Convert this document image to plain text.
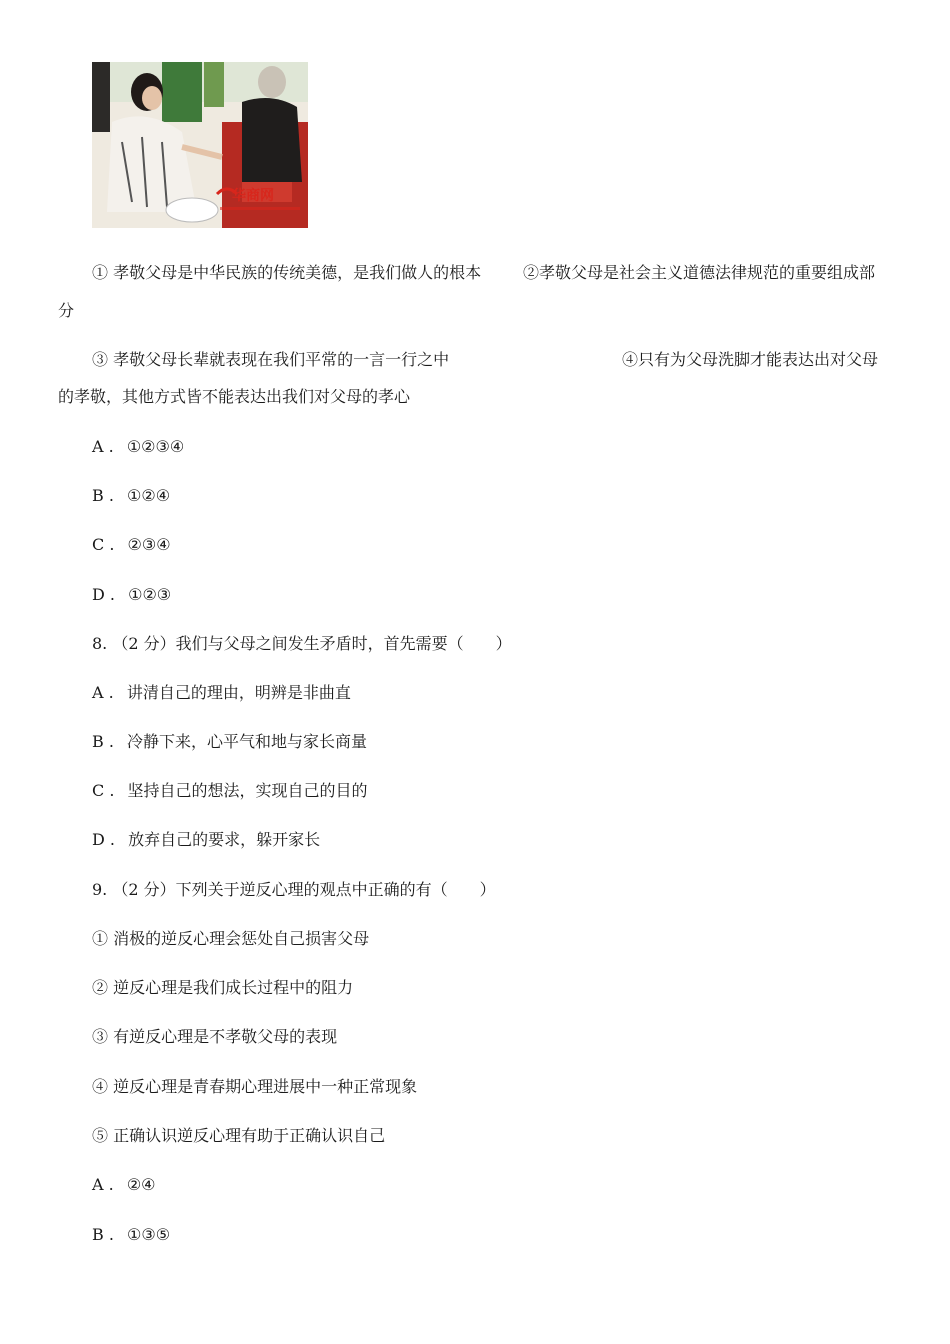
华商网
① 孝敬父母是中华民族的传统美德，是我们做人的根本	②孝敬父母是社会主义道德法律规范的重要组成部
分
③ 孝敬父母长辈就表现在我们平常的一言一行之中	④只有为父母洗脚才能表达出对父母
的孝敬，其他方式皆不能表达出我们对父母的孝心
A . ①②③④
B . ①②④
C . ②③④
D . ①②③
8. （2 分）我们与父母之间发生矛盾时，首先需要（　　）
A . 讲清自己的理由，明辨是非曲直
B . 冷静下来，心平气和地与家长商量
C . 坚持自己的想法，实现自己的目的
D . 放弃自己的要求，躲开家长
9. （2 分）下列关于逆反心理的观点中正确的有（　　）
① 消极的逆反心理会惩处自己损害父母
② 逆反心理是我们成长过程中的阻力
③ 有逆反心理是不孝敬父母的表现
④ 逆反心理是青春期心理进展中一种正常现象
⑤ 正确认识逆反心理有助于正确认识自己
A . ②④
B . ①③⑤
